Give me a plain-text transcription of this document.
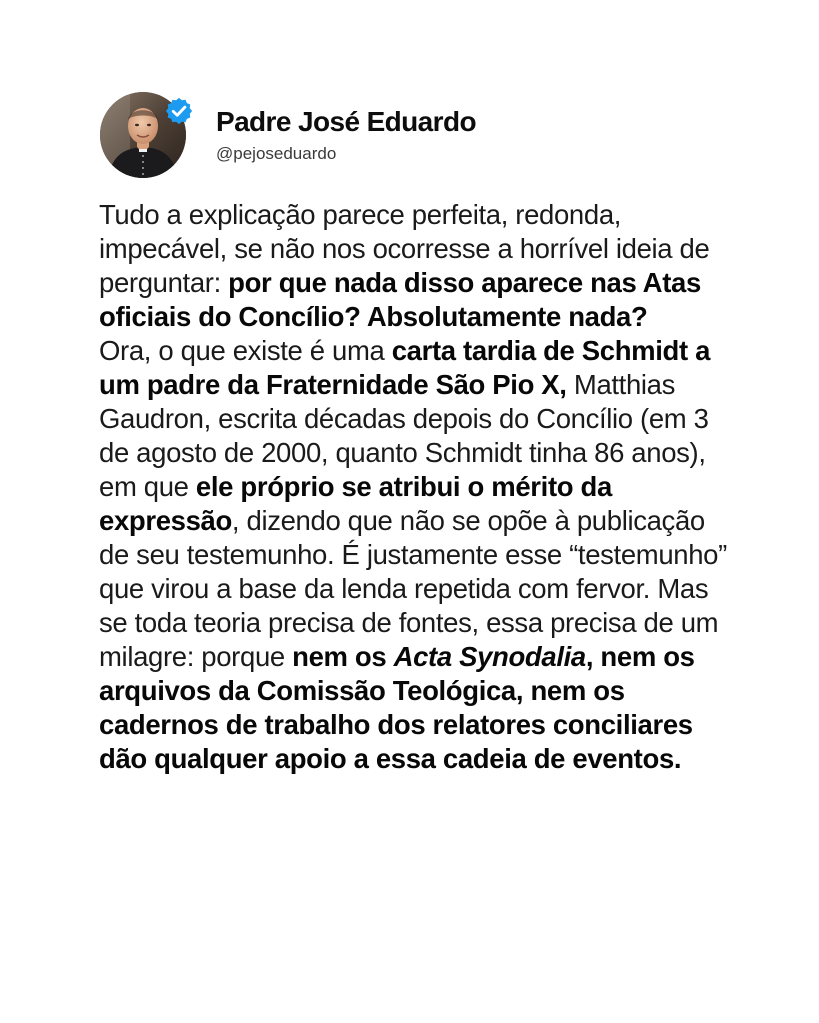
Padre José Eduardo
@pejoseduardo

Tudo a explicação parece perfeita, redonda, impecável, se não nos ocorresse a horrível ideia de perguntar: por que nada disso aparece nas Atas oficiais do Concílio? Absolutamente nada?
Ora, o que existe é uma carta tardia de Schmidt a um padre da Fraternidade São Pio X, Matthias Gaudron, escrita décadas depois do Concílio (em 3 de agosto de 2000, quanto Schmidt tinha 86 anos), em que ele próprio se atribui o mérito da expressão, dizendo que não se opõe à publicação de seu testemunho. É justamente esse “testemunho” que virou a base da lenda repetida com fervor. Mas se toda teoria precisa de fontes, essa precisa de um milagre: porque nem os Acta Synodalia, nem os arquivos da Comissão Teológica, nem os cadernos de trabalho dos relatores conciliares dão qualquer apoio a essa cadeia de eventos.
